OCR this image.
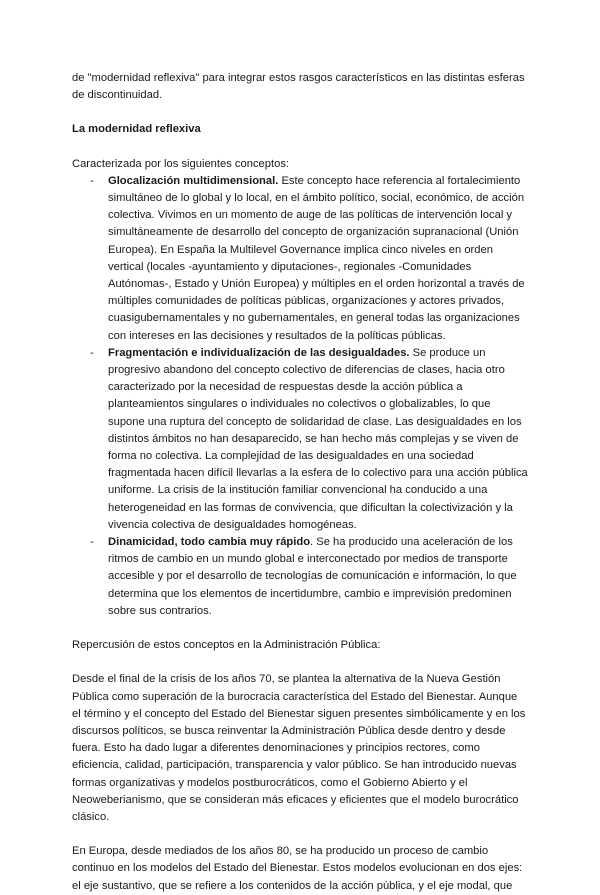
de "modernidad reflexiva" para integrar estos rasgos característicos en las distintas esferas de discontinuidad.

La modernidad reflexiva

Caracterizada por los siguientes conceptos:

- Glocalización multidimensional. Este concepto hace referencia al fortalecimiento simultáneo de lo global y lo local, en el ámbito político, social, económico, de acción colectiva. Vivimos en un momento de auge de las políticas de intervención local y simultáneamente de desarrollo del concepto de organización supranacional (Unión Europea). En España la Multilevel Governance implica cinco niveles en orden vertical (locales -ayuntamiento y diputaciones-, regionales -Comunidades Autónomas-, Estado y Unión Europea) y múltiples en el orden horizontal a través de múltiples comunidades de políticas públicas, organizaciones y actores privados, cuasigubernamentales y no gubernamentales, en general todas las organizaciones con intereses en las decisiones y resultados de la políticas públicas.
- Fragmentación e individualización de las desigualdades. Se produce un progresivo abandono del concepto colectivo de diferencias de clases, hacia otro caracterizado por la necesidad de respuestas desde la acción pública a planteamientos singulares o individuales no colectivos o globalizables, lo que supone una ruptura del concepto de solidaridad de clase. Las desigualdades en los distintos ámbitos no han desaparecido, se han hecho más complejas y se viven de forma no colectiva. La complejidad de las desigualdades en una sociedad fragmentada hacen difícil llevarlas a la esfera de lo colectivo para una acción pública uniforme. La crisis de la institución familiar convencional ha conducido a una heterogeneidad en las formas de convivencia, que dificultan la colectivización y la vivencia colectiva de desigualdades homogéneas.
- Dinamicidad, todo cambia muy rápido. Se ha producido una aceleración de los ritmos de cambio en un mundo global e interconectado por medios de transporte accesible y por el desarrollo de tecnologías de comunicación e información, lo que determina que los elementos de incertidumbre, cambio e imprevisión predominen sobre sus contrarios.

Repercusión de estos conceptos en la Administración Pública:

Desde el final de la crisis de los años 70, se plantea la alternativa de la Nueva Gestión Pública como superación de la burocracia característica del Estado del Bienestar. Aunque el término y el concepto del Estado del Bienestar siguen presentes simbólicamente y en los discursos políticos, se busca reinventar la Administración Pública desde dentro y desde fuera. Esto ha dado lugar a diferentes denominaciones y principios rectores, como eficiencia, calidad, participación, transparencia y valor público. Se han introducido nuevas formas organizativas y modelos postburocráticos, como el Gobierno Abierto y el Neoweberianismo, que se consideran más eficaces y eficientes que el modelo burocrático clásico.

En Europa, desde mediados de los años 80, se ha producido un proceso de cambio continuo en los modelos del Estado del Bienestar. Estos modelos evolucionan en dos ejes: el eje sustantivo, que se refiere a los contenidos de la acción pública, y el eje modal, que
